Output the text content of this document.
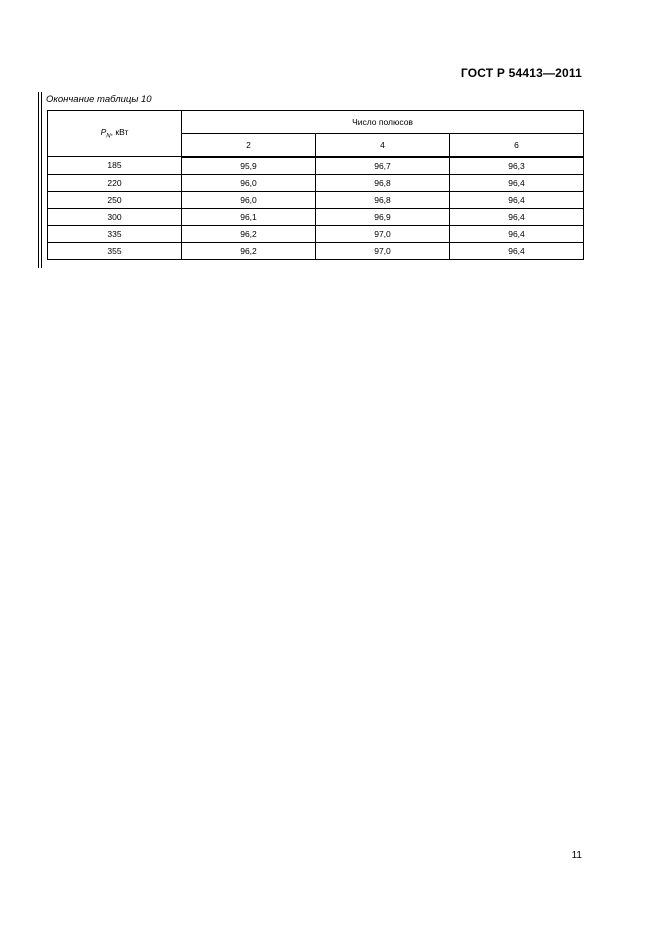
ГОСТ Р 54413—2011
Окончание таблицы 10
$P_N$, кВт	Число полюсов		
	2	4	6
185	95,9	96,7	96,3
220	96,0	96,8	96,4
250	96,0	96,8	96,4
300	96,1	96,9	96,4
335	96,2	97,0	96,4
355	96,2	97,0	96,4
11
